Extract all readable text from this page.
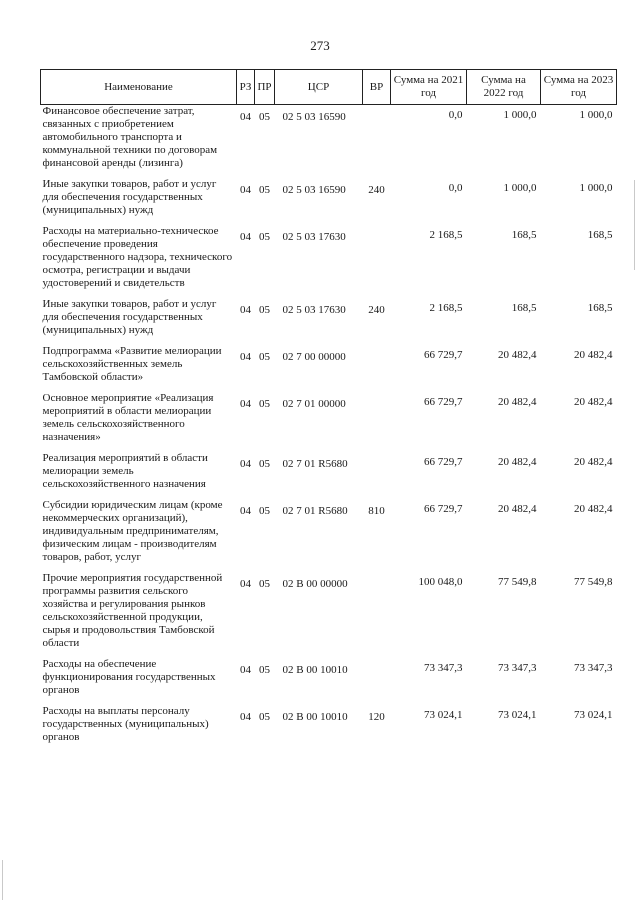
273
Наименование	РЗ	ПР	ЦСР	ВР	Сумма на 2021 год	Сумма на 2022 год	Сумма на 2023 год
Финансовое обеспечение затрат, связанных с приобретением автомобильного транспорта и коммунальной техники по договорам финансовой аренды (лизинга)	04	05	02 5 03 16590		0,0	1 000,0	1 000,0
Иные закупки товаров, работ и услуг для обеспечения государственных (муниципальных) нужд	04	05	02 5 03 16590	240	0,0	1 000,0	1 000,0
Расходы на материально-техническое обеспечение проведения государственного надзора, технического осмотра, регистрации и выдачи удостоверений и свидетельств	04	05	02 5 03 17630		2 168,5	168,5	168,5
Иные закупки товаров, работ и услуг для обеспечения государственных (муниципальных) нужд	04	05	02 5 03 17630	240	2 168,5	168,5	168,5
Подпрограмма «Развитие мелиорации сельскохозяйственных земель Тамбовской области»	04	05	02 7 00 00000		66 729,7	20 482,4	20 482,4
Основное мероприятие «Реализация мероприятий в области мелиорации земель сельскохозяйственного назначения»	04	05	02 7 01 00000		66 729,7	20 482,4	20 482,4
Реализация мероприятий в области мелиорации земель сельскохозяйственного назначения	04	05	02 7 01 R5680		66 729,7	20 482,4	20 482,4
Субсидии юридическим лицам (кроме некоммерческих организаций), индивидуальным предпринимателям, физическим лицам - производителям товаров, работ, услуг	04	05	02 7 01 R5680	810	66 729,7	20 482,4	20 482,4
Прочие мероприятия государственной программы развития сельского хозяйства и регулирования рынков сельскохозяйственной продукции, сырья и продовольствия Тамбовской области	04	05	02 В 00 00000		100 048,0	77 549,8	77 549,8
Расходы на обеспечение функционирования государственных органов	04	05	02 В 00 10010		73 347,3	73 347,3	73 347,3
Расходы на выплаты персоналу государственных (муниципальных) органов	04	05	02 В 00 10010	120	73 024,1	73 024,1	73 024,1
